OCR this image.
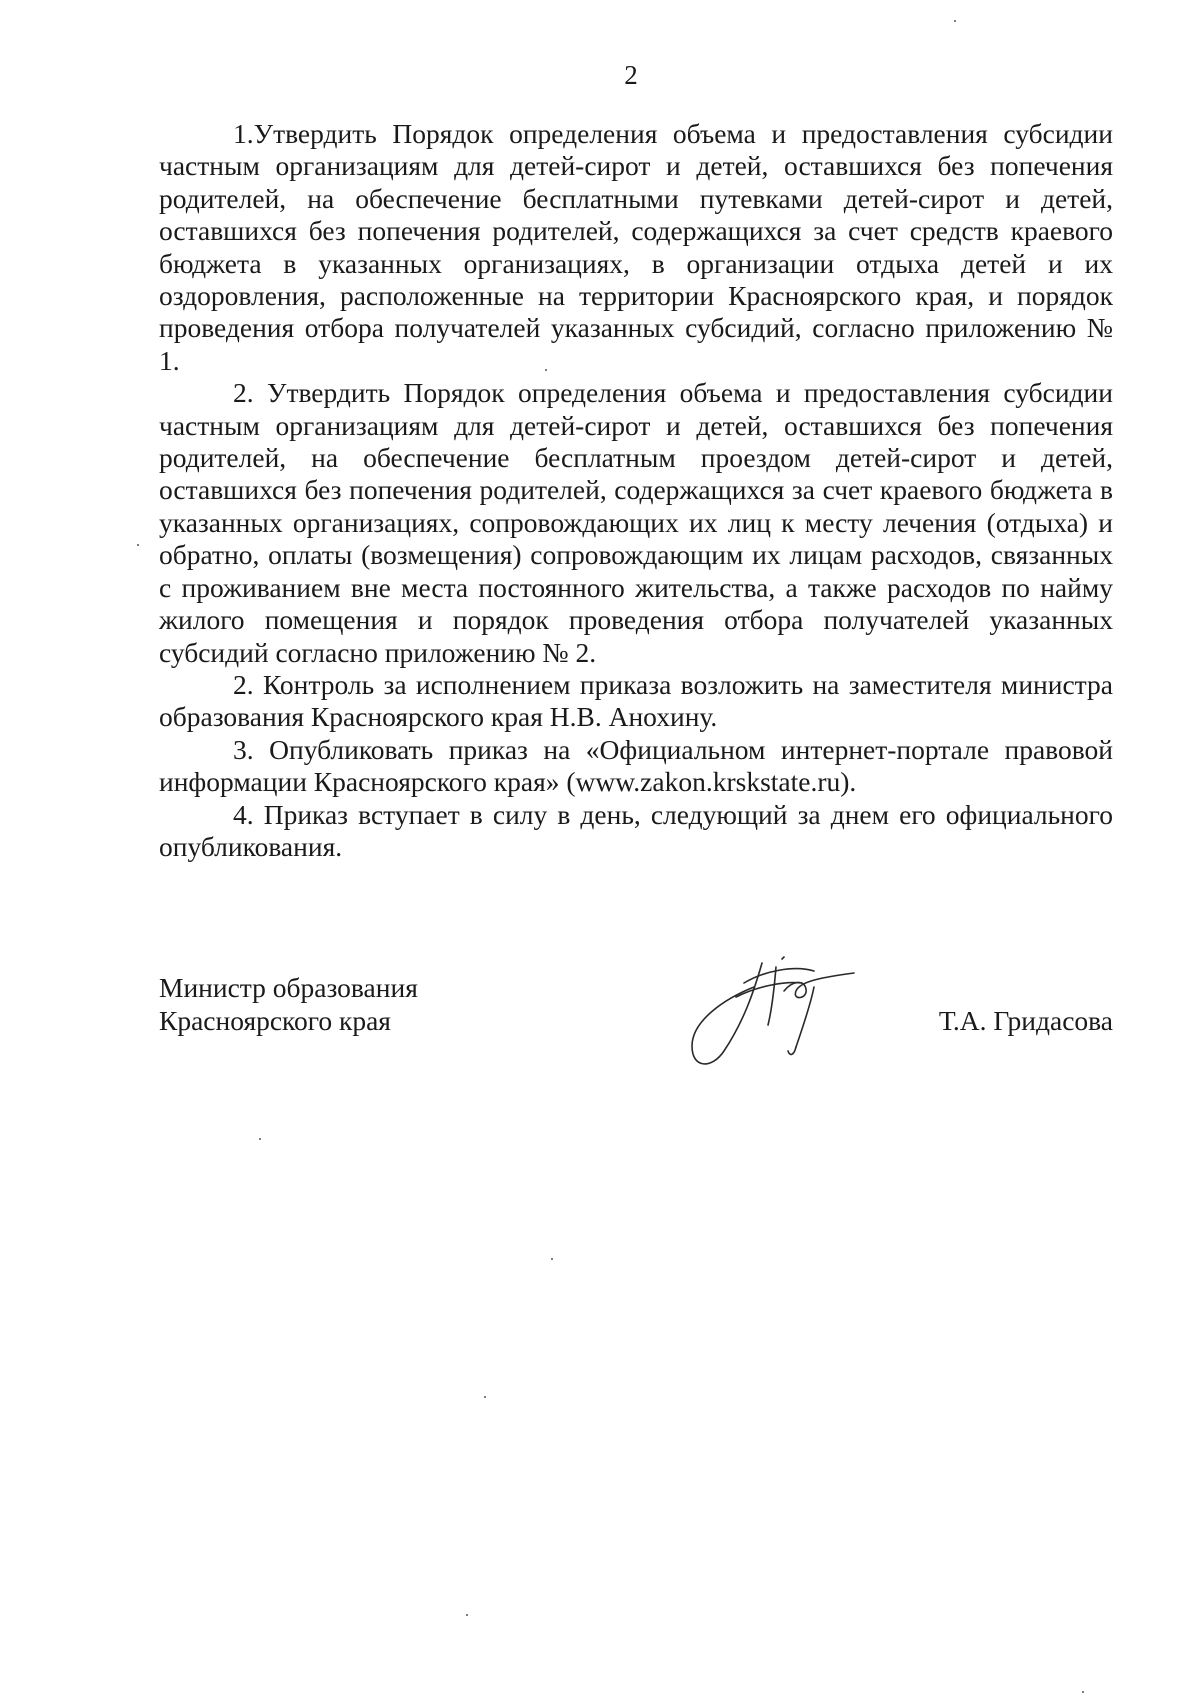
2

1.Утвердить Порядок определения объема и предоставления субсидии частным организациям для детей-сирот и детей, оставшихся без попечения родителей, на обеспечение бесплатными путевками детей-сирот и детей, оставшихся без попечения родителей, содержащихся за счет средств краевого бюджета в указанных организациях, в организации отдыха детей и их оздоровления, расположенные на территории Красноярского края, и порядок проведения отбора получателей указанных субсидий, согласно приложению № 1.

2. Утвердить Порядок определения объема и предоставления субсидии частным организациям для детей-сирот и детей, оставшихся без попечения родителей, на обеспечение бесплатным проездом детей-сирот и детей, оставшихся без попечения родителей, содержащихся за счет краевого бюджета в указанных организациях, сопровождающих их лиц к месту лечения (отдыха) и обратно, оплаты (возмещения) сопровождающим их лицам расходов, связанных с проживанием вне места постоянного жительства, а также расходов по найму жилого помещения и порядок проведения отбора получателей указанных субсидий согласно приложению № 2.

2. Контроль за исполнением приказа возложить на заместителя министра образования Красноярского края Н.В. Анохину.

3. Опубликовать приказ на «Официальном интернет-портале правовой информации Красноярского края» (www.zakon.krskstate.ru).

4. Приказ вступает в силу в день, следующий за днем его официального опубликования.

Министр образования
Красноярского края	Т.А. Гридасова
